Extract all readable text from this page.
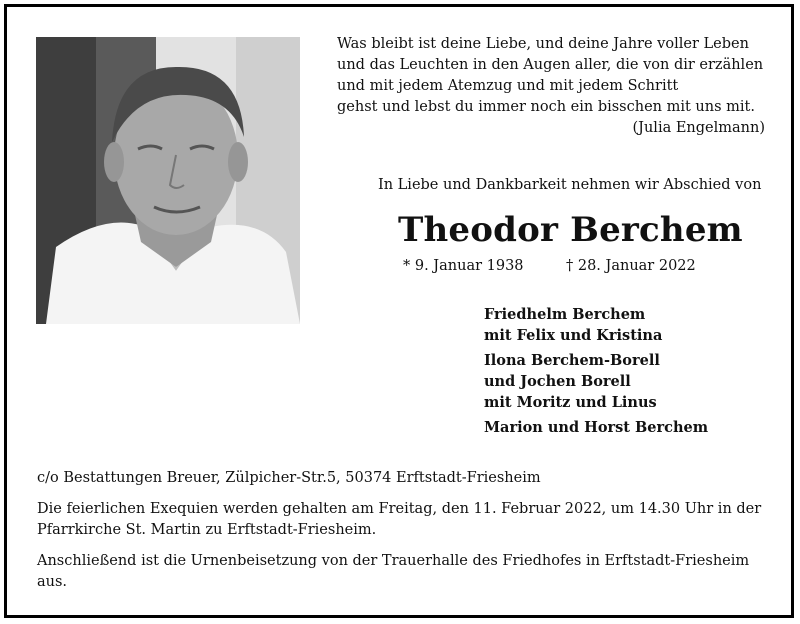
Was bleibt ist deine Liebe, und deine Jahre voller Leben
und das Leuchten in den Augen aller, die von dir erzählen
und mit jedem Atemzug und mit jedem Schritt
gehst und lebst du immer noch ein bisschen mit uns mit.
(Julia Engelmann)
In Liebe und Dankbarkeit nehmen wir Abschied von
Theodor Berchem
* 9. Januar 1938	† 28. Januar 2022
Friedhelm Berchem
mit Felix und Kristina
Ilona Berchem-Borell
und Jochen Borell
mit Moritz und Linus
Marion und Horst Berchem

c/o Bestattungen Breuer, Zülpicher-Str.5, 50374 Erftstadt-Friesheim

Die feierlichen Exequien werden gehalten am Freitag, den 11. Februar 2022, um 14.30 Uhr in der Pfarrkirche St. Martin zu Erftstadt-Friesheim.

Anschließend ist die Urnenbeisetzung von der Trauerhalle des Friedhofes in Erftstadt-Friesheim aus.
